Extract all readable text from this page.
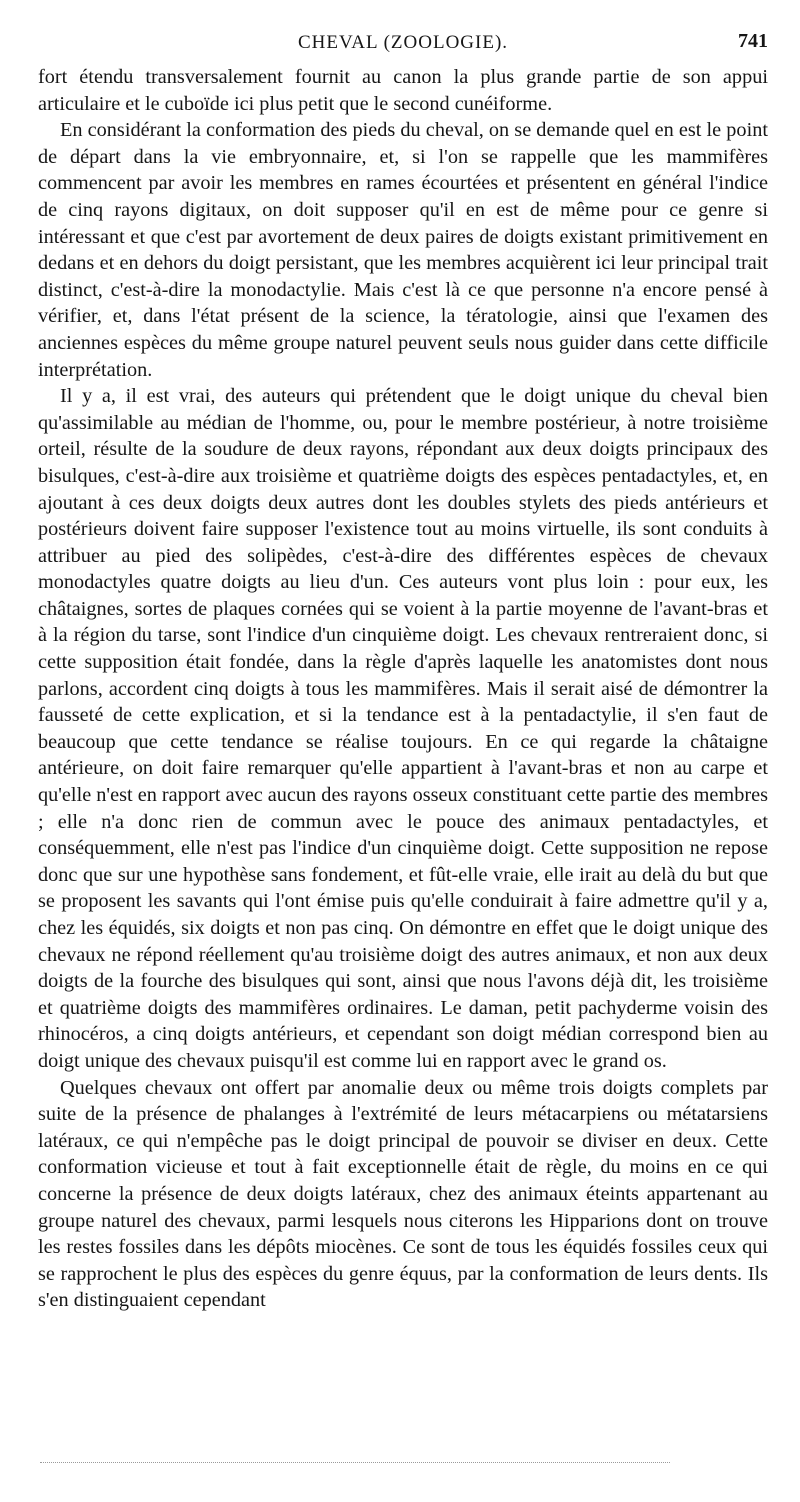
CHEVAL (ZOOLOGIE).	741

fort étendu transversalement fournit au canon la plus grande partie de son appui articulaire et le cuboïde ici plus petit que le second cunéiforme.

En considérant la conformation des pieds du cheval, on se demande quel en est le point de départ dans la vie embryonnaire, et, si l'on se rappelle que les mammifères commencent par avoir les membres en rames écourtées et présentent en général l'indice de cinq rayons digitaux, on doit supposer qu'il en est de même pour ce genre si intéressant et que c'est par avortement de deux paires de doigts existant primitivement en dedans et en dehors du doigt persistant, que les membres acquièrent ici leur principal trait distinct, c'est-à-dire la monodactylie. Mais c'est là ce que personne n'a encore pensé à vérifier, et, dans l'état présent de la science, la tératologie, ainsi que l'examen des anciennes espèces du même groupe naturel peuvent seuls nous guider dans cette difficile interprétation.

Il y a, il est vrai, des auteurs qui prétendent que le doigt unique du cheval bien qu'assimilable au médian de l'homme, ou, pour le membre postérieur, à notre troisième orteil, résulte de la soudure de deux rayons, répondant aux deux doigts principaux des bisulques, c'est-à-dire aux troisième et quatrième doigts des espèces pentadactyles, et, en ajoutant à ces deux doigts deux autres dont les doubles stylets des pieds antérieurs et postérieurs doivent faire supposer l'existence tout au moins virtuelle, ils sont conduits à attribuer au pied des solipèdes, c'est-à-dire des différentes espèces de chevaux monodactyles quatre doigts au lieu d'un. Ces auteurs vont plus loin : pour eux, les châtaignes, sortes de plaques cornées qui se voient à la partie moyenne de l'avant-bras et à la région du tarse, sont l'indice d'un cinquième doigt. Les chevaux rentreraient donc, si cette supposition était fondée, dans la règle d'après laquelle les anatomistes dont nous parlons, accordent cinq doigts à tous les mammifères. Mais il serait aisé de démontrer la fausseté de cette explication, et si la tendance est à la pentadactylie, il s'en faut de beaucoup que cette tendance se réalise toujours. En ce qui regarde la châtaigne antérieure, on doit faire remarquer qu'elle appartient à l'avant-bras et non au carpe et qu'elle n'est en rapport avec aucun des rayons osseux constituant cette partie des membres ; elle n'a donc rien de commun avec le pouce des animaux pentadactyles, et conséquemment, elle n'est pas l'indice d'un cinquième doigt. Cette supposition ne repose donc que sur une hypothèse sans fondement, et fût-elle vraie, elle irait au delà du but que se proposent les savants qui l'ont émise puis qu'elle conduirait à faire admettre qu'il y a, chez les équidés, six doigts et non pas cinq. On démontre en effet que le doigt unique des chevaux ne répond réellement qu'au troisième doigt des autres animaux, et non aux deux doigts de la fourche des bisulques qui sont, ainsi que nous l'avons déjà dit, les troisième et quatrième doigts des mammifères ordinaires. Le daman, petit pachyderme voisin des rhinocéros, a cinq doigts antérieurs, et cependant son doigt médian correspond bien au doigt unique des chevaux puisqu'il est comme lui en rapport avec le grand os.

Quelques chevaux ont offert par anomalie deux ou même trois doigts complets par suite de la présence de phalanges à l'extrémité de leurs métacarpiens ou métatarsiens latéraux, ce qui n'empêche pas le doigt principal de pouvoir se diviser en deux. Cette conformation vicieuse et tout à fait exceptionnelle était de règle, du moins en ce qui concerne la présence de deux doigts latéraux, chez des animaux éteints appartenant au groupe naturel des chevaux, parmi lesquels nous citerons les Hipparions dont on trouve les restes fossiles dans les dépôts miocènes. Ce sont de tous les équidés fossiles ceux qui se rapprochent le plus des espèces du genre équus, par la conformation de leurs dents. Ils s'en distinguaient cependant
